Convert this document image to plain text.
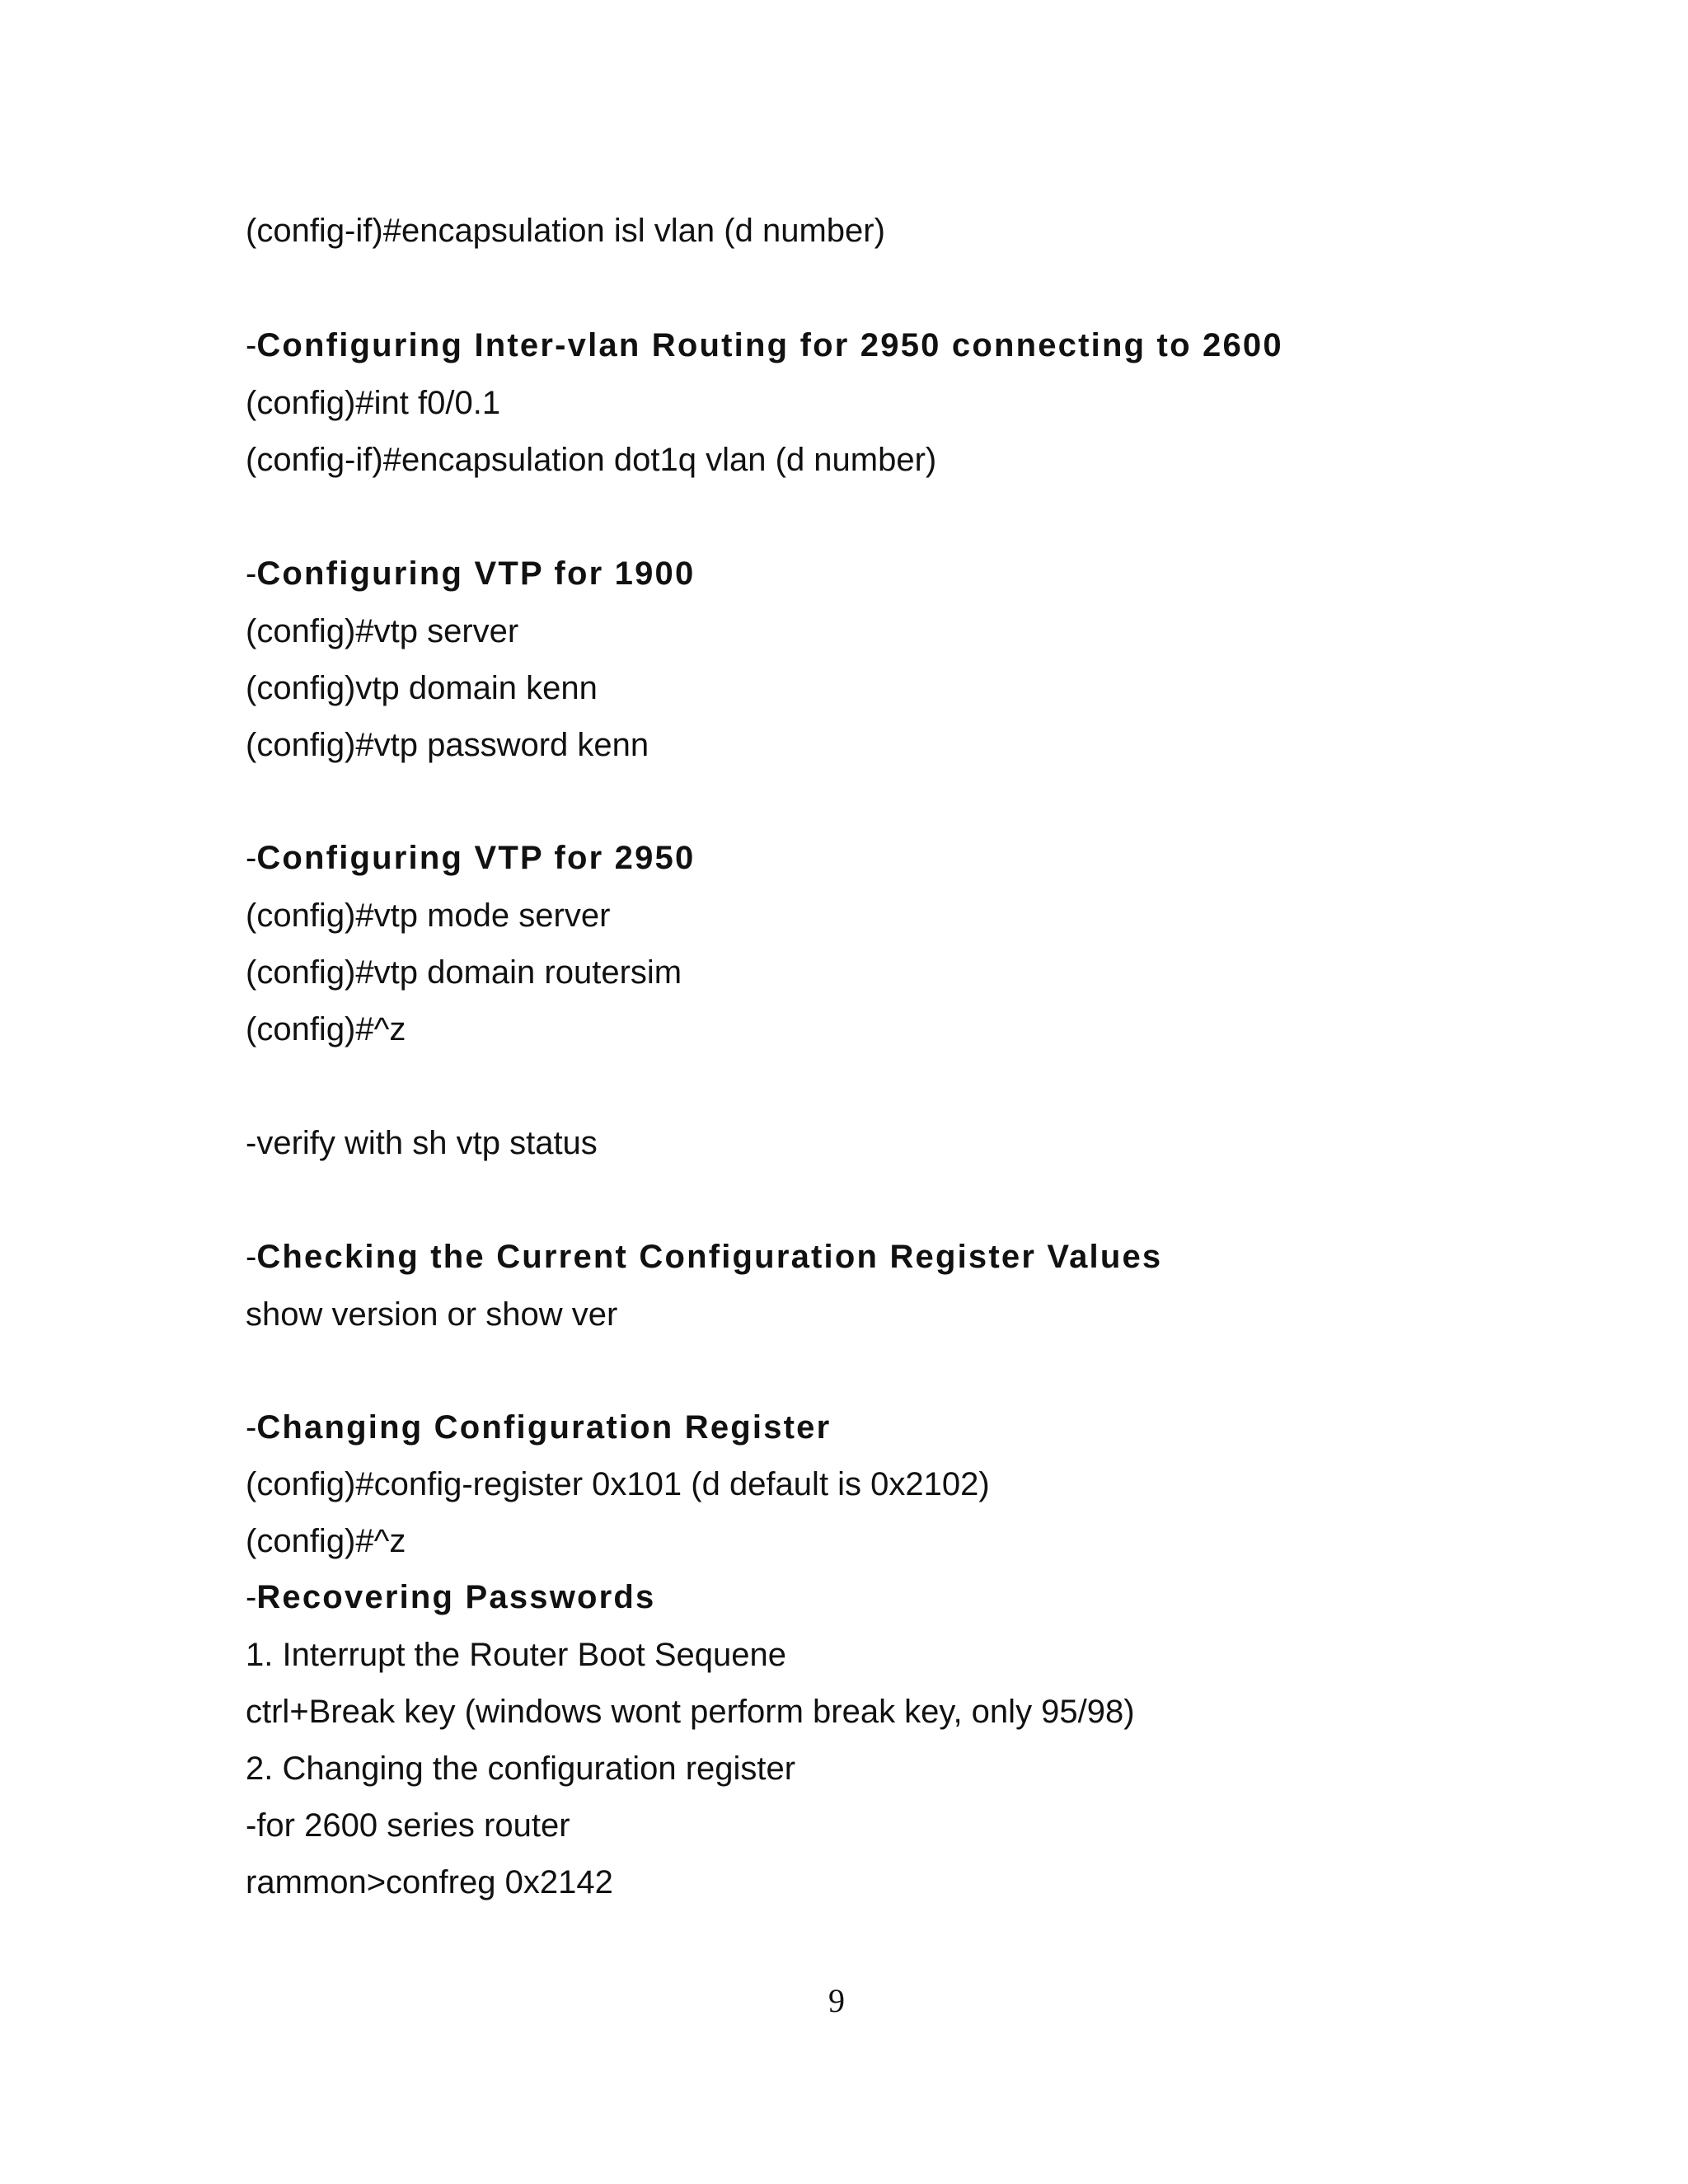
(config-if)#encapsulation isl vlan (d number)
-Configuring Inter-vlan Routing for 2950 connecting to 2600
(config)#int f0/0.1
(config-if)#encapsulation dot1q vlan (d number)
-Configuring VTP for 1900
(config)#vtp server
(config)vtp domain kenn
(config)#vtp password kenn
-Configuring VTP for 2950
(config)#vtp mode server
(config)#vtp domain routersim
(config)#^z
-verify with sh vtp status
-Checking the Current Configuration Register Values
show version or show ver
-Changing Configuration Register
(config)#config-register 0x101 (d default is 0x2102)
(config)#^z
-Recovering Passwords
1. Interrupt the Router Boot Sequene
ctrl+Break key (windows wont perform break key, only 95/98)
2. Changing the configuration register
-for 2600 series router
rammon>confreg 0x2142
9
